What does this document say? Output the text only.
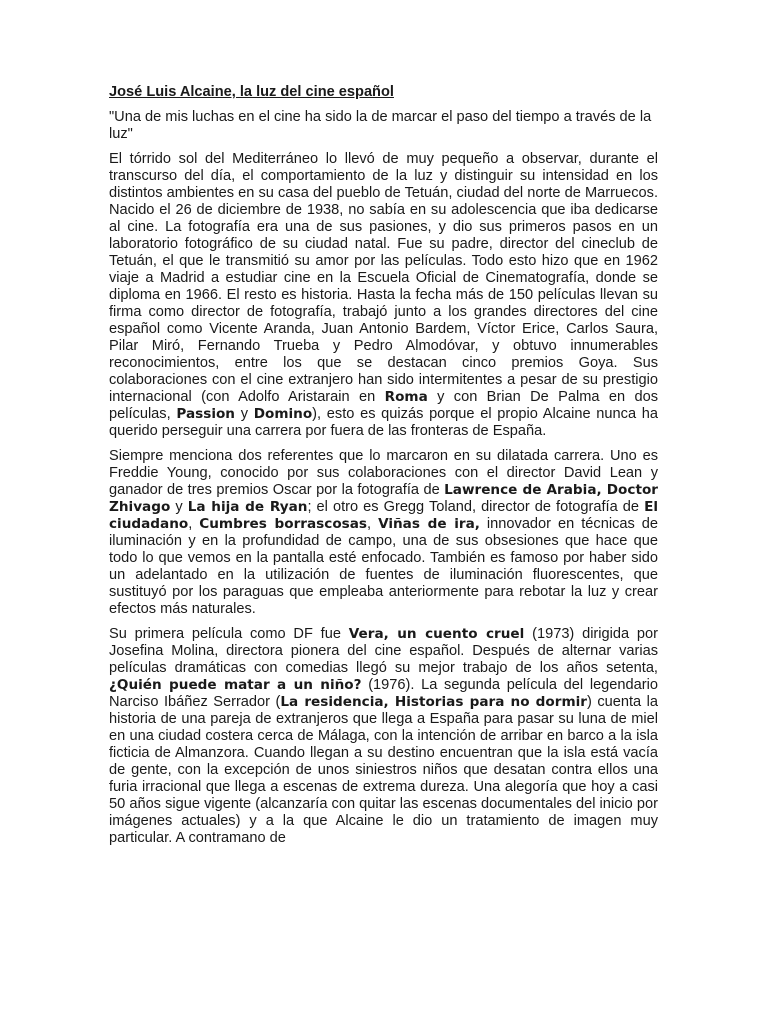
José Luis Alcaine, la luz del cine español

"Una de mis luchas en el cine ha sido la de marcar el paso del tiempo a través de la luz"

El tórrido sol del Mediterráneo lo llevó de muy pequeño a observar, durante el transcurso del día, el comportamiento de la luz y distinguir su intensidad en los distintos ambientes en su casa del pueblo de Tetuán, ciudad del norte de Marruecos. Nacido el 26 de diciembre de 1938, no sabía en su adolescencia que iba dedicarse al cine. La fotografía era una de sus pasiones, y dio sus primeros pasos en un laboratorio fotográfico de su ciudad natal. Fue su padre, director del cineclub de Tetuán, el que le transmitió su amor por las películas. Todo esto hizo que en 1962 viaje a Madrid a estudiar cine en la Escuela Oficial de Cinematografía, donde se diploma en 1966. El resto es historia. Hasta la fecha más de 150 películas llevan su firma como director de fotografía, trabajó junto a los grandes directores del cine español como Vicente Aranda, Juan Antonio Bardem, Víctor Erice, Carlos Saura, Pilar Miró, Fernando Trueba y Pedro Almodóvar, y obtuvo innumerables reconocimientos, entre los que se destacan cinco premios Goya. Sus colaboraciones con el cine extranjero han sido intermitentes a pesar de su prestigio internacional (con Adolfo Aristarain en Roma y con Brian De Palma en dos películas, Passion y Domino), esto es quizás porque el propio Alcaine nunca ha querido perseguir una carrera por fuera de las fronteras de España.

Siempre menciona dos referentes que lo marcaron en su dilatada carrera. Uno es Freddie Young, conocido por sus colaboraciones con el director David Lean y ganador de tres premios Oscar por la fotografía de Lawrence de Arabia, Doctor Zhivago y La hija de Ryan; el otro es Gregg Toland, director de fotografía de El ciudadano, Cumbres borrascosas, Viñas de ira, innovador en técnicas de iluminación y en la profundidad de campo, una de sus obsesiones que hace que todo lo que vemos en la pantalla esté enfocado. También es famoso por haber sido un adelantado en la utilización de fuentes de iluminación fluorescentes, que sustituyó por los paraguas que empleaba anteriormente para rebotar la luz y crear efectos más naturales.

Su primera película como DF fue Vera, un cuento cruel (1973) dirigida por Josefina Molina, directora pionera del cine español. Después de alternar varias películas dramáticas con comedias llegó su mejor trabajo de los años setenta, ¿Quién puede matar a un niño? (1976). La segunda película del legendario Narciso Ibáñez Serrador (La residencia, Historias para no dormir) cuenta la historia de una pareja de extranjeros que llega a España para pasar su luna de miel en una ciudad costera cerca de Málaga, con la intención de arribar en barco a la isla ficticia de Almanzora. Cuando llegan a su destino encuentran que la isla está vacía de gente, con la excepción de unos siniestros niños que desatan contra ellos una furia irracional que llega a escenas de extrema dureza. Una alegoría que hoy a casi 50 años sigue vigente (alcanzaría con quitar las escenas documentales del inicio por imágenes actuales) y a la que Alcaine le dio un tratamiento de imagen muy particular. A contramano de
